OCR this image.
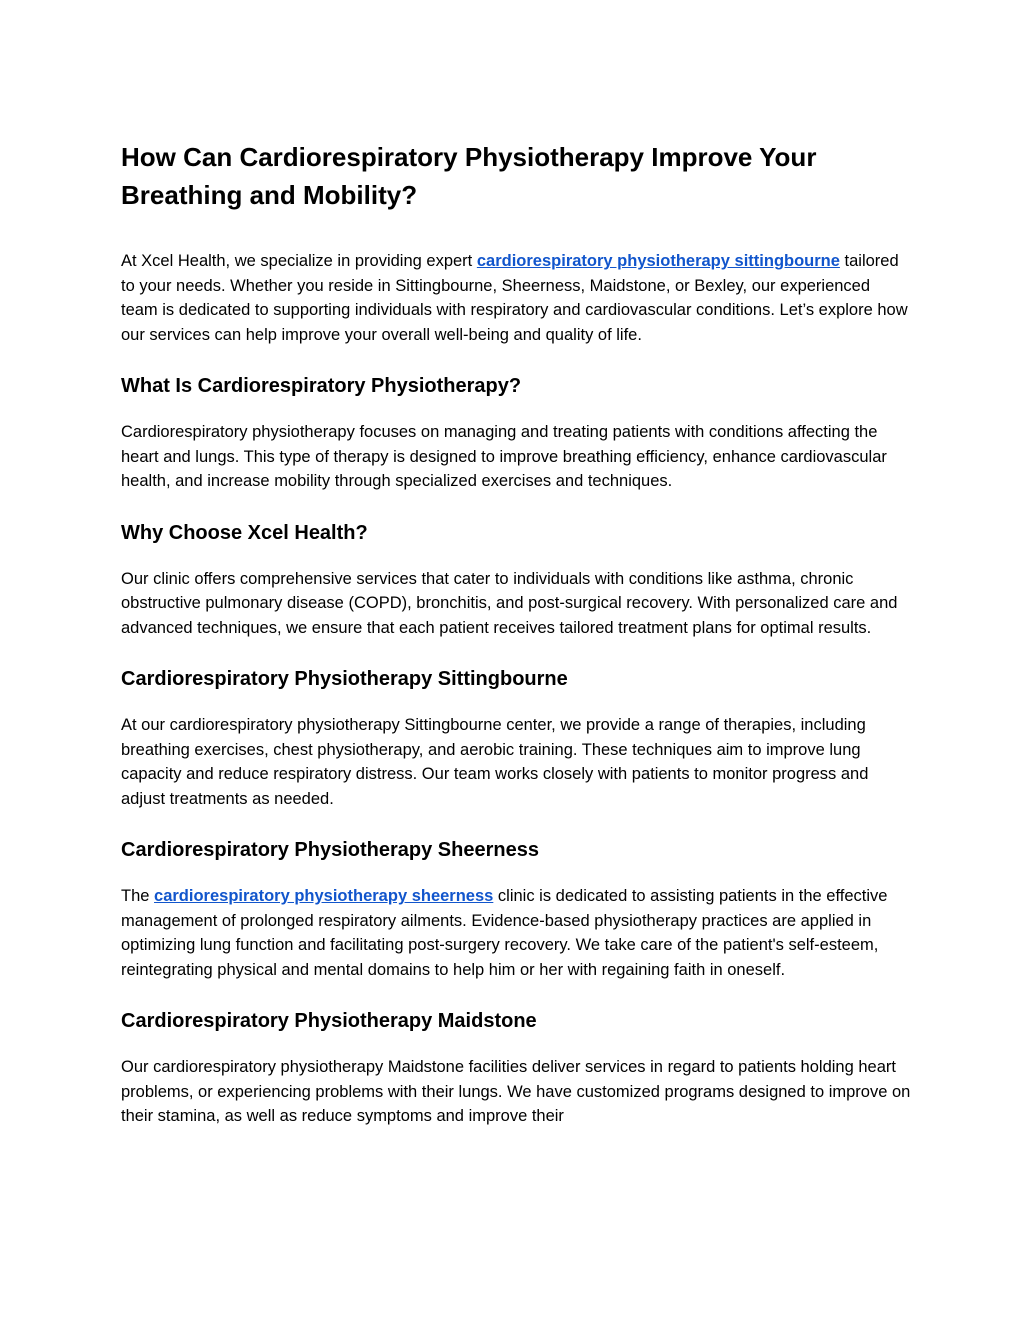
How Can Cardiorespiratory Physiotherapy Improve Your Breathing and Mobility?

At Xcel Health, we specialize in providing expert cardiorespiratory physiotherapy sittingbourne tailored to your needs. Whether you reside in Sittingbourne, Sheerness, Maidstone, or Bexley, our experienced team is dedicated to supporting individuals with respiratory and cardiovascular conditions. Let’s explore how our services can help improve your overall well-being and quality of life.

What Is Cardiorespiratory Physiotherapy?

Cardiorespiratory physiotherapy focuses on managing and treating patients with conditions affecting the heart and lungs. This type of therapy is designed to improve breathing efficiency, enhance cardiovascular health, and increase mobility through specialized exercises and techniques.

Why Choose Xcel Health?

Our clinic offers comprehensive services that cater to individuals with conditions like asthma, chronic obstructive pulmonary disease (COPD), bronchitis, and post-surgical recovery. With personalized care and advanced techniques, we ensure that each patient receives tailored treatment plans for optimal results.

Cardiorespiratory Physiotherapy Sittingbourne

At our cardiorespiratory physiotherapy Sittingbourne center, we provide a range of therapies, including breathing exercises, chest physiotherapy, and aerobic training. These techniques aim to improve lung capacity and reduce respiratory distress. Our team works closely with patients to monitor progress and adjust treatments as needed.

Cardiorespiratory Physiotherapy Sheerness

The cardiorespiratory physiotherapy sheerness clinic is dedicated to assisting patients in the effective management of prolonged respiratory ailments. Evidence-based physiotherapy practices are applied in optimizing lung function and facilitating post-surgery recovery. We take care of the patient's self-esteem, reintegrating physical and mental domains to help him or her with regaining faith in oneself.

Cardiorespiratory Physiotherapy Maidstone

Our cardiorespiratory physiotherapy Maidstone facilities deliver services in regard to patients holding heart problems, or experiencing problems with their lungs. We have customized programs designed to improve on their stamina, as well as reduce symptoms and improve their
